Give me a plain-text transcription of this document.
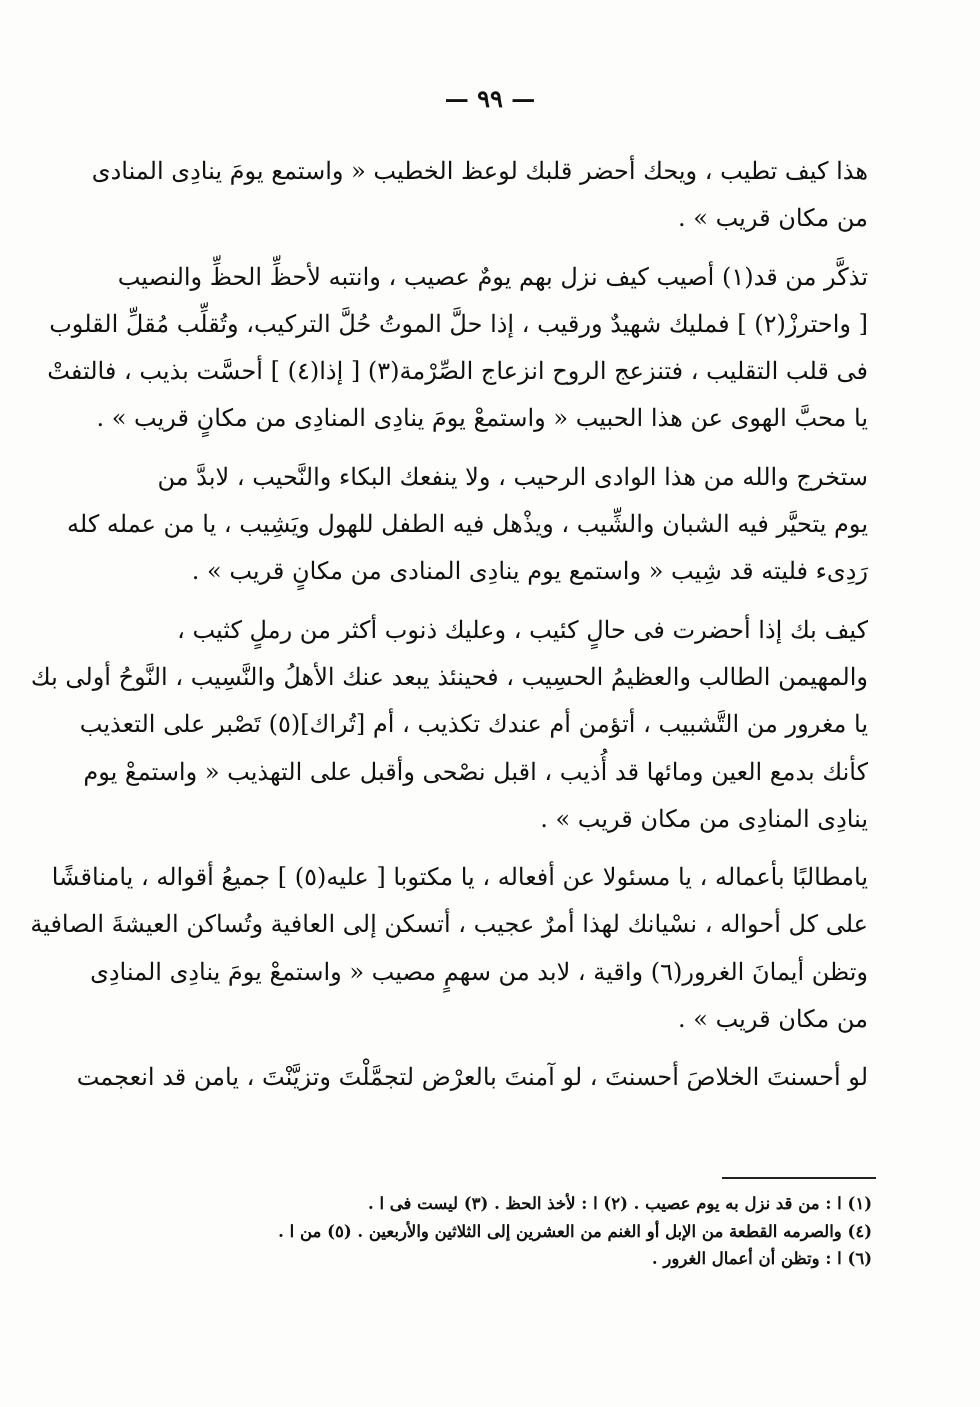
— ٩٩ —
هذا كيف تطيب ، ويحك أحضر قلبك لوعظ الخطيب « واستمع يومَ ينادِى المنادى
من مكان قريب » .
تذكَّر من قد(١) أصيب كيف نزل بهم يومٌ عصيب ، وانتبه لأحظِّ الحظِّ والنصيب
[ واحترزْ(٢) ] فمليك شهيدٌ ورقيب ، إذا حلَّ الموتُ حُلَّ التركيب، وتُقلِّب مُقلِّ القلوب
فى قلب التقليب ، فتنزعج الروح انزعاج الصِّرْمة(٣) [ إذا(٤) ] أحسَّت بذيب ، فالتفتْ
يا محبَّ الهوى عن هذا الحبيب « واستمعْ يومَ ينادِى المنادِى من مكانٍ قريب » .
ستخرج والله من هذا الوادى الرحيب ، ولا ينفعك البكاء والنَّحيب ، لابدَّ من
يوم يتحيَّر فيه الشبان والشِّيب ، ويذْهل فيه الطفل للهول ويَشِيب ، يا من عمله كله
رَدِىء فليته قد شِيب « واستمع يوم ينادِى المنادى من مكانٍ قريب » .
كيف بك إذا أحضرت فى حالٍ كئيب ، وعليك ذنوب أكثر من رملٍ كثيب ،
والمهيمن الطالب والعظيمُ الحسِيب ، فحينئذ يبعد عنك الأهلُ والنَّسِيب ، النَّوحُ أولى بك
يا مغرور من التَّشبيب ، أتؤمن أم عندك تكذيب ، أم [تُراك](٥) تَصْبر على التعذيب
كأنك بدمع العين ومائها قد أُذيب ، اقبل نصْحى وأقبل على التهذيب « واستمعْ يوم
ينادِى المنادِى من مكان قريب » .
يامطالبًا بأعماله ، يا مسئولا عن أفعاله ، يا مكتوبا [ عليه(٥) ] جميعُ أقواله ، يامناقشًا
على كل أحواله ، نسْيانك لهذا أمرٌ عجيب ، أتسكن إلى العافية وتُساكن العيشةَ الصافية
وتظن أيمانَ الغرور(٦) واقية ، لابد من سهمٍ مصيب « واستمعْ يومَ ينادِى المنادِى
من مكان قريب » .
لو أحسنتَ الخلاصَ أحسنتَ ، لو آمنتَ بالعرْض لتجمَّلْتَ وتزيَّنْتَ ، يامن قد انعجمت
(١) ا : من قد نزل به يوم عصيب . (٢) ا : لأخذ الحظ . (٣) ليست فى ا .
(٤) والصرمه القطعة من الإبل أو الغنم من العشرين إلى الثلاثين والأربعين . (٥) من ا .
(٦) ا : وتظن أن أعمال الغرور .
